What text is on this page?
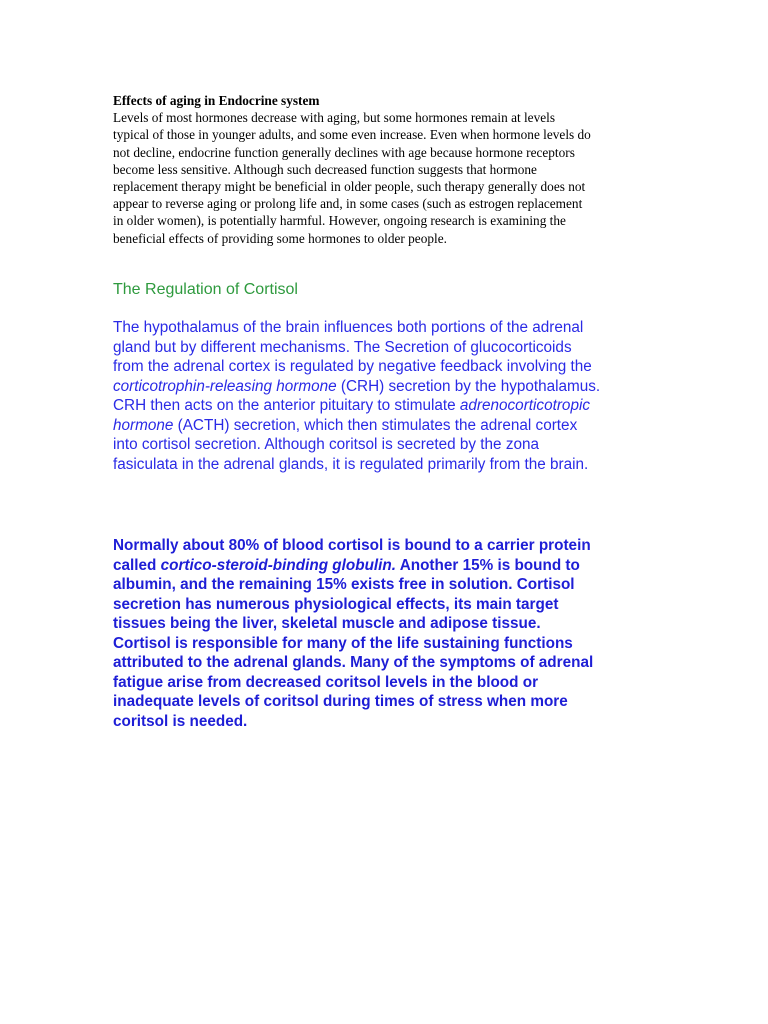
Effects of aging in Endocrine system
Levels of most hormones decrease with aging, but some hormones remain at levels
typical of those in younger adults, and some even increase. Even when hormone levels do
not decline, endocrine function generally declines with age because hormone receptors
become less sensitive. Although such decreased function suggests that hormone
replacement therapy might be beneficial in older people, such therapy generally does not
appear to reverse aging or prolong life and, in some cases (such as estrogen replacement
in older women), is potentially harmful. However, ongoing research is examining the
beneficial effects of providing some hormones to older people.
The Regulation of Cortisol
The hypothalamus of the brain influences both portions of the adrenal
gland but by different mechanisms. The Secretion of glucocorticoids
from the adrenal cortex is regulated by negative feedback involving the
corticotrophin-releasing hormone (CRH) secretion by the hypothalamus.
CRH then acts on the anterior pituitary to stimulate adrenocorticotropic
hormone (ACTH) secretion, which then stimulates the adrenal cortex
into cortisol secretion. Although coritsol is secreted by the zona
fasiculata in the adrenal glands, it is regulated primarily from the brain.
Normally about 80% of blood cortisol is bound to a carrier protein
called cortico-steroid-binding globulin. Another 15% is bound to
albumin, and the remaining 15% exists free in solution. Cortisol
secretion has numerous physiological effects, its main target
tissues being the liver, skeletal muscle and adipose tissue.
Cortisol is responsible for many of the life sustaining functions
attributed to the adrenal glands. Many of the symptoms of adrenal
fatigue arise from decreased coritsol levels in the blood or
inadequate levels of coritsol during times of stress when more
coritsol is needed.
